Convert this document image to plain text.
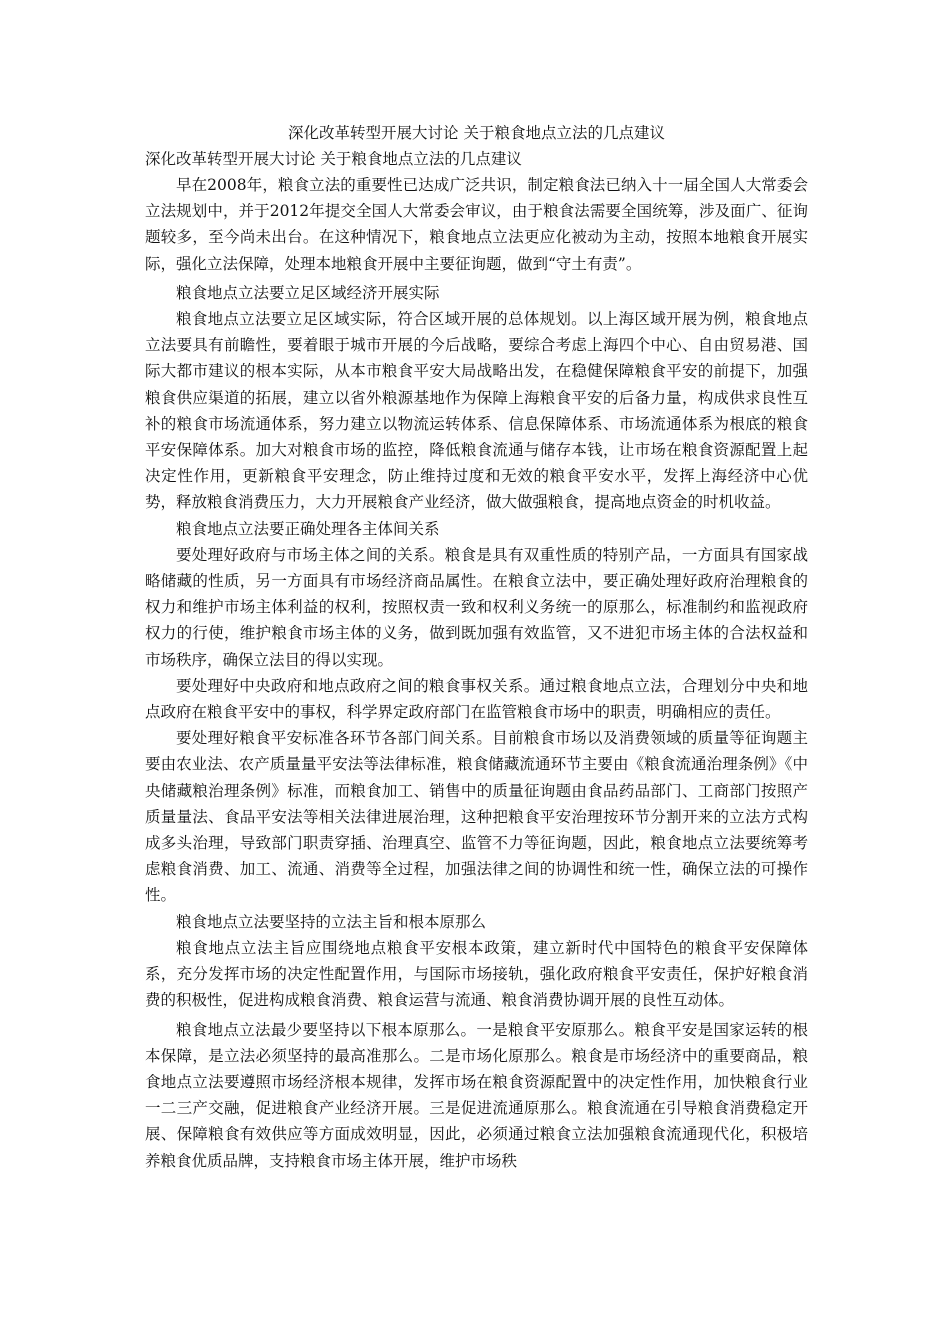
深化改革转型开展大讨论 关于粮食地点立法的几点建议

深化改革转型开展大讨论 关于粮食地点立法的几点建议

早在2008年，粮食立法的重要性已达成广泛共识，制定粮食法已纳入十一届全国人大常委会立法规划中，并于2012年提交全国人大常委会审议，由于粮食法需要全国统筹，涉及面广、征询题较多，至今尚未出台。在这种情况下，粮食地点立法更应化被动为主动，按照本地粮食开展实际，强化立法保障，处理本地粮食开展中主要征询题，做到“守土有责”。

粮食地点立法要立足区域经济开展实际

粮食地点立法要立足区域实际，符合区域开展的总体规划。以上海区域开展为例，粮食地点立法要具有前瞻性，要着眼于城市开展的今后战略，要综合考虑上海四个中心、自由贸易港、国际大都市建议的根本实际，从本市粮食平安大局战略出发，在稳健保障粮食平安的前提下，加强粮食供应渠道的拓展，建立以省外粮源基地作为保障上海粮食平安的后备力量，构成供求良性互补的粮食市场流通体系，努力建立以物流运转体系、信息保障体系、市场流通体系为根底的粮食平安保障体系。加大对粮食市场的监控，降低粮食流通与储存本钱，让市场在粮食资源配置上起决定性作用，更新粮食平安理念，防止维持过度和无效的粮食平安水平，发挥上海经济中心优势，释放粮食消费压力，大力开展粮食产业经济，做大做强粮食，提高地点资金的时机收益。

粮食地点立法要正确处理各主体间关系

要处理好政府与市场主体之间的关系。粮食是具有双重性质的特别产品，一方面具有国家战略储藏的性质，另一方面具有市场经济商品属性。在粮食立法中，要正确处理好政府治理粮食的权力和维护市场主体利益的权利，按照权责一致和权利义务统一的原那么，标准制约和监视政府权力的行使，维护粮食市场主体的义务，做到既加强有效监管，又不进犯市场主体的合法权益和市场秩序，确保立法目的得以实现。

要处理好中央政府和地点政府之间的粮食事权关系。通过粮食地点立法，合理划分中央和地点政府在粮食平安中的事权，科学界定政府部门在监管粮食市场中的职责，明确相应的责任。

要处理好粮食平安标准各环节各部门间关系。目前粮食市场以及消费领域的质量等征询题主要由农业法、农产质量量平安法等法律标准，粮食储藏流通环节主要由《粮食流通治理条例》《中央储藏粮治理条例》标准，而粮食加工、销售中的质量征询题由食品药品部门、工商部门按照产质量量法、食品平安法等相关法律进展治理，这种把粮食平安治理按环节分割开来的立法方式构成多头治理，导致部门职责穿插、治理真空、监管不力等征询题，因此，粮食地点立法要统筹考虑粮食消费、加工、流通、消费等全过程，加强法律之间的协调性和统一性，确保立法的可操作性。

粮食地点立法要坚持的立法主旨和根本原那么

粮食地点立法主旨应围绕地点粮食平安根本政策，建立新时代中国特色的粮食平安保障体系，充分发挥市场的决定性配置作用，与国际市场接轨，强化政府粮食平安责任，保护好粮食消费的积极性，促进构成粮食消费、粮食运营与流通、粮食消费协调开展的良性互动体。

粮食地点立法最少要坚持以下根本原那么。一是粮食平安原那么。粮食平安是国家运转的根本保障，是立法必须坚持的最高准那么。二是市场化原那么。粮食是市场经济中的重要商品，粮食地点立法要遵照市场经济根本规律，发挥市场在粮食资源配置中的决定性作用，加快粮食行业一二三产交融，促进粮食产业经济开展。三是促进流通原那么。粮食流通在引导粮食消费稳定开展、保障粮食有效供应等方面成效明显，因此，必须通过粮食立法加强粮食流通现代化，积极培养粮食优质品牌，支持粮食市场主体开展，维护市场秩
